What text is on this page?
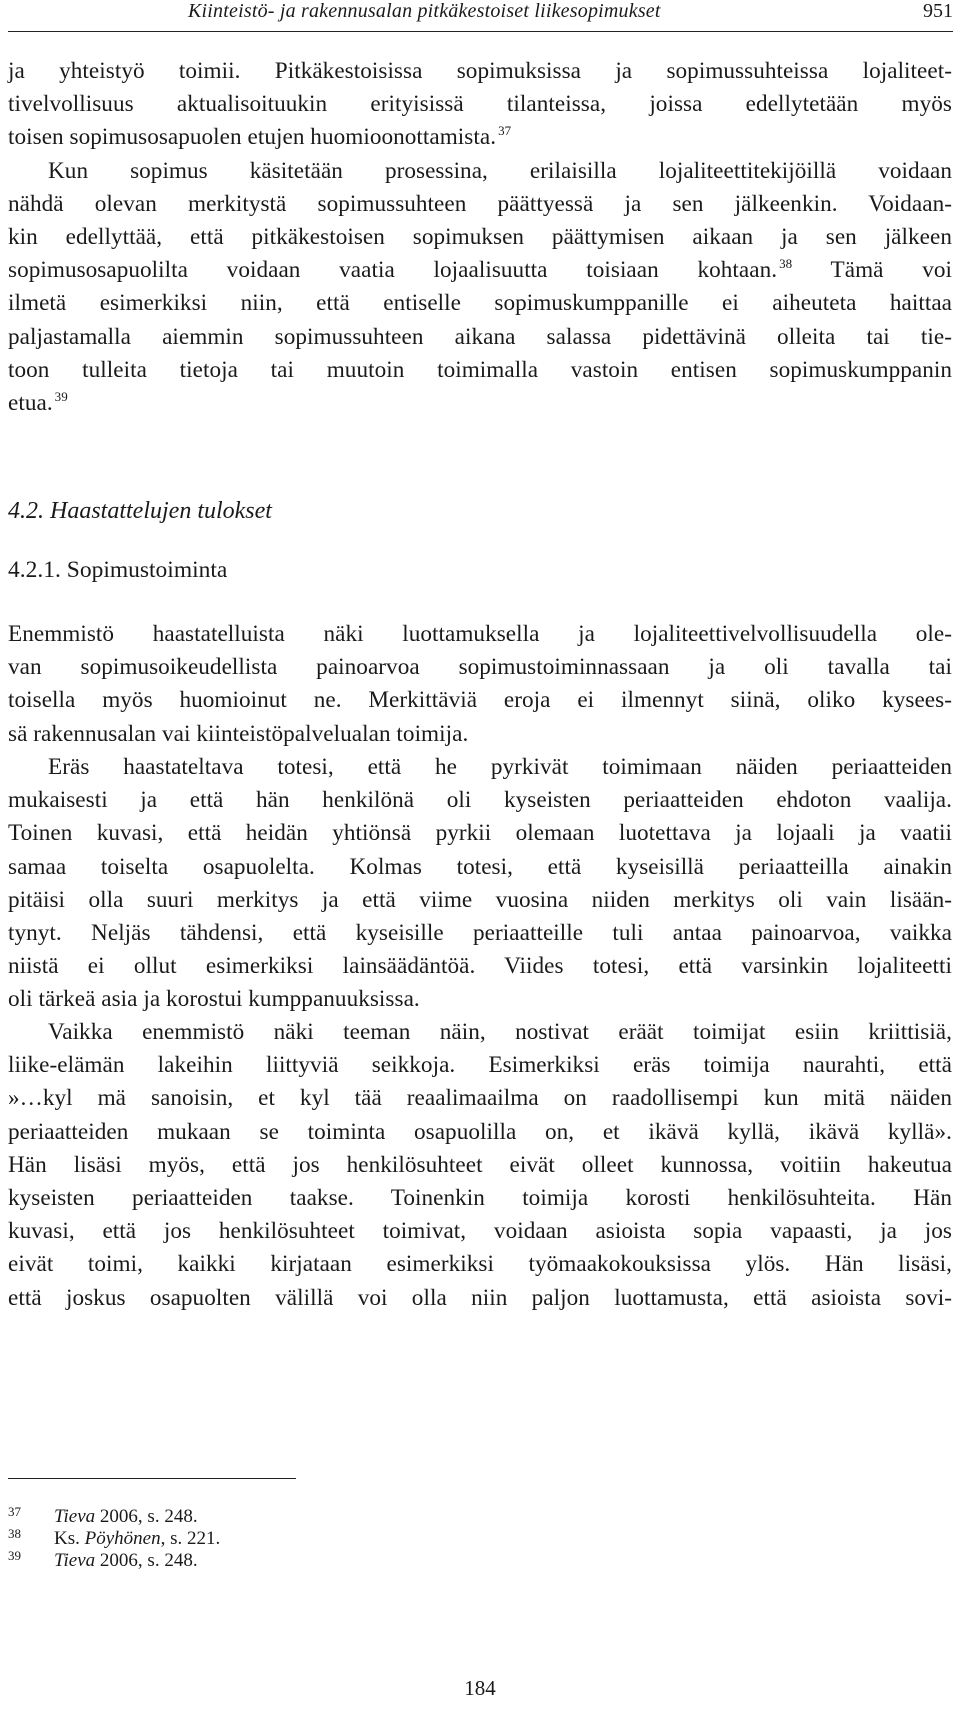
Kiinteistö- ja rakennusalan pitkäkestoiset liikesopimukset	951
ja yhteistyö toimii. Pitkäkestoisissa sopimuksissa ja sopimussuhteissa lojaliteet-
tivelvollisuus aktualisoituukin erityisissä tilanteissa, joissa edellytetään myös
toisen sopimusosapuolen etujen huomioonottamista. $^{37}$
Kun sopimus käsitetään prosessina, erilaisilla lojaliteettitekijöillä voidaan
nähdä olevan merkitystä sopimussuhteen päättyessä ja sen jälkeenkin. Voidaan-
kin edellyttää, että pitkäkestoisen sopimuksen päättymisen aikaan ja sen jälkeen
sopimusosapuolilta voidaan vaatia lojaalisuutta toisiaan kohtaan. $^{38}$ Tämä voi
ilmetä esimerkiksi niin, että entiselle sopimuskumppanille ei aiheuteta haittaa
paljastamalla aiemmin sopimussuhteen aikana salassa pidettävinä olleita tai tie-
toon tulleita tietoja tai muutoin toimimalla vastoin entisen sopimuskumppanin
etua. $^{39}$
4.2. Haastattelujen tulokset
4.2.1. Sopimustoiminta
Enemmistö haastatelluista näki luottamuksella ja lojaliteettivelvollisuudella ole-
van sopimusoikeudellista painoarvoa sopimustoiminnassaan ja oli tavalla tai
toisella myös huomioinut ne. Merkittäviä eroja ei ilmennyt siinä, oliko kysees-
sä rakennusalan vai kiinteistöpalvelualan toimija.
Eräs haastateltava totesi, että he pyrkivät toimimaan näiden periaatteiden
mukaisesti ja että hän henkilönä oli kyseisten periaatteiden ehdoton vaalija.
Toinen kuvasi, että heidän yhtiönsä pyrkii olemaan luotettava ja lojaali ja vaatii
samaa toiselta osapuolelta. Kolmas totesi, että kyseisillä periaatteilla ainakin
pitäisi olla suuri merkitys ja että viime vuosina niiden merkitys oli vain lisään-
tynyt. Neljäs tähdensi, että kyseisille periaatteille tuli antaa painoarvoa, vaikka
niistä ei ollut esimerkiksi lainsäädäntöä. Viides totesi, että varsinkin lojaliteetti
oli tärkeä asia ja korostui kumppanuuksissa.
Vaikka enemmistö näki teeman näin, nostivat eräät toimijat esiin kriittisiä,
liike-elämän lakeihin liittyviä seikkoja. Esimerkiksi eräs toimija naurahti, että
»…kyl mä sanoisin, et kyl tää reaalimaailma on raadollisempi kun mitä näiden
periaatteiden mukaan se toiminta osapuolilla on, et ikävä kyllä, ikävä kyllä».
Hän lisäsi myös, että jos henkilösuhteet eivät olleet kunnossa, voitiin hakeutua
kyseisten periaatteiden taakse. Toinenkin toimija korosti henkilösuhteita. Hän
kuvasi, että jos henkilösuhteet toimivat, voidaan asioista sopia vapaasti, ja jos
eivät toimi, kaikki kirjataan esimerkiksi työmaakokouksissa ylös. Hän lisäsi,
että joskus osapuolten välillä voi olla niin paljon luottamusta, että asioista sovi-
37 Tieva 2006, s. 248.
38 Ks. Pöyhönen, s. 221.
39 Tieva 2006, s. 248.
184
